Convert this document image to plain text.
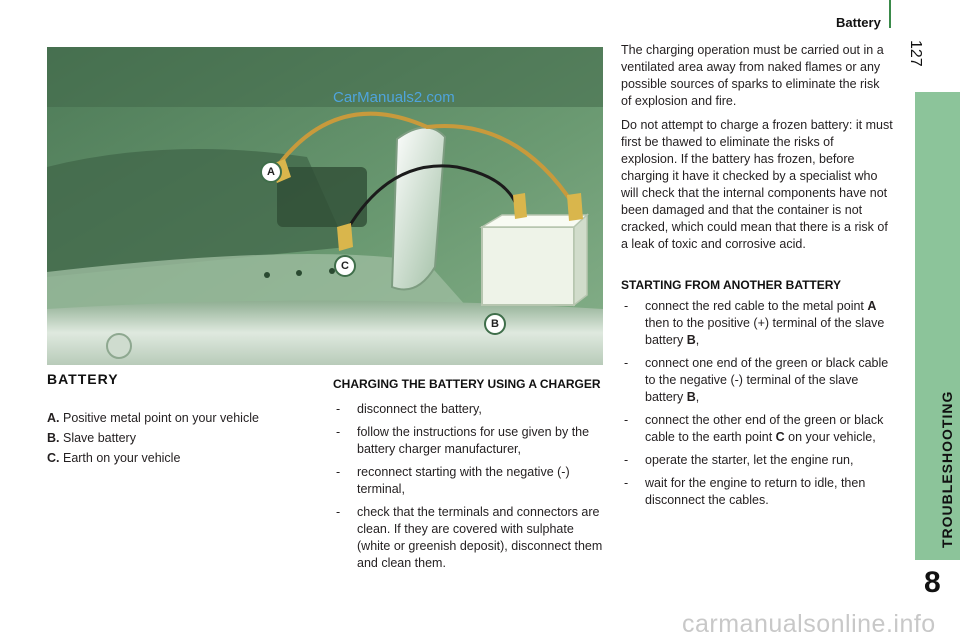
Battery
127
TROUBLESHOOTING
8
CarManuals2.com
A
C
B
BATTERY
A. Positive metal point on your vehicle
B. Slave battery
C. Earth on your vehicle
CHARGING THE BATTERY USING A CHARGER
- disconnect the battery,
- follow the instructions for use given by the battery charger manufacturer,
- reconnect starting with the negative (-) terminal,
- check that the terminals and connectors are clean. If they are covered with sulphate (white or greenish deposit), disconnect them and clean them.

The charging operation must be carried out in a ventilated area away from naked flames or any possible sources of sparks to eliminate the risk of explosion and fire.

Do not attempt to charge a frozen battery: it must first be thawed to eliminate the risks of explosion. If the battery has frozen, before charging it have it checked by a specialist who will check that the internal components have not been damaged and that the container is not cracked, which could mean that there is a risk of a leak of toxic and corrosive acid.

STARTING FROM ANOTHER BATTERY
- connect the red cable to the metal point A then to the positive (+) terminal of the slave battery B,
- connect one end of the green or black cable to the negative (-) terminal of the slave battery B,
- connect the other end of the green or black cable to the earth point C on your vehicle,
- operate the starter, let the engine run,
- wait for the engine to return to idle, then disconnect the cables.
carmanualsonline.info
